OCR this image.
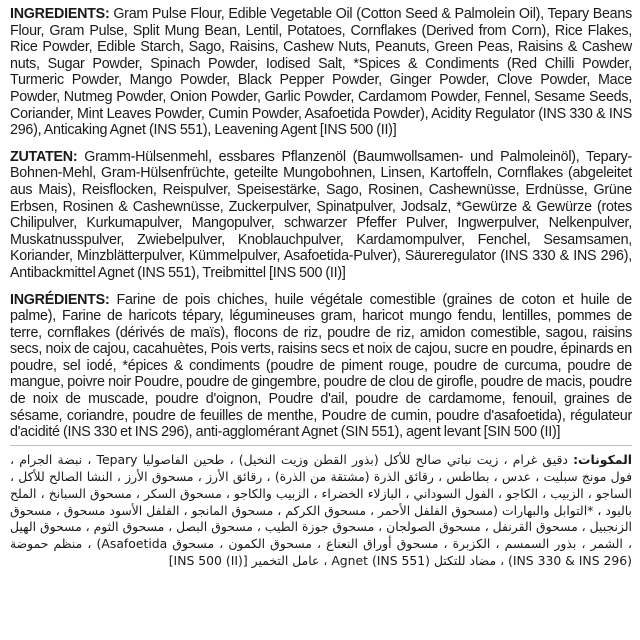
INGREDIENTS: Gram Pulse Flour, Edible Vegetable Oil (Cotton Seed & Palmolein Oil), Tepary Beans Flour, Gram Pulse, Split Mung Bean, Lentil, Potatoes, Cornflakes (Derived from Corn), Rice Flakes, Rice Powder, Edible Starch, Sago, Raisins, Cashew Nuts, Peanuts, Green Peas, Raisins & Cashew nuts, Sugar Powder, Spinach Powder, Iodised Salt, *Spices & Condiments (Red Chilli Powder, Turmeric Powder, Mango Powder, Black Pepper Powder, Ginger Powder, Clove Powder, Mace Powder, Nutmeg Powder, Onion Powder, Garlic Powder, Cardamom Powder, Fennel, Sesame Seeds, Coriander, Mint Leaves Powder, Cumin Powder, Asafoetida Powder), Acidity Regulator (INS 330 & INS 296), Anticaking Agnet (INS 551), Leavening Agent [INS 500 (II)]

ZUTATEN: Gramm-Hülsenmehl, essbares Pflanzenöl (Baumwollsamen- und Palmoleinöl), Tepary-Bohnen-Mehl, Gram-Hülsenfrüchte, geteilte Mungobohnen, Linsen, Kartoffeln, Cornflakes (abgeleitet aus Mais), Reisflocken, Reispulver, Speisestärke, Sago, Rosinen, Cashewnüsse, Erdnüsse, Grüne Erbsen, Rosinen & Cashewnüsse, Zuckerpulver, Spinatpulver, Jodsalz, *Gewürze & Gewürze (rotes Chilipulver, Kurkumapulver, Mangopulver, schwarzer Pfeffer Pulver, Ingwerpulver, Nelkenpulver, Muskatnusspulver, Zwiebelpulver, Knoblauchpulver, Kardamompulver, Fenchel, Sesamsamen, Koriander, Minzblätterpulver, Kümmelpulver, Asafoetida-Pulver), Säureregulator (INS 330 & INS 296), Antibackmittel Agnet (INS 551), Treibmittel [INS 500 (II)]

INGRÉDIENTS: Farine de pois chiches, huile végétale comestible (graines de coton et huile de palme), Farine de haricots tépary, légumineuses gram, haricot mungo fendu, lentilles, pommes de terre, cornflakes (dérivés de maïs), flocons de riz, poudre de riz, amidon comestible, sagou, raisins secs, noix de cajou, cacahuètes, Pois verts, raisins secs et noix de cajou, sucre en poudre, épinards en poudre, sel iodé, *épices & condiments (poudre de piment rouge, poudre de curcuma, poudre de mangue, poivre noir Poudre, poudre de gingembre, poudre de clou de girofle, poudre de macis, poudre de noix de muscade, poudre d'oignon, Poudre d'ail, poudre de cardamome, fenouil, graines de sésame, coriandre, poudre de feuilles de menthe, Poudre de cumin, poudre d'asafoetida), régulateur d'acidité (INS 330 et INS 296), anti-agglomérant Agnet (SIN 551), agent levant [SIN 500 (II)]

المكونات: دقيق غرام ، زيت نباتي صالح للأكل (بذور القطن وزيت النخيل) ، طحين الفاصوليا Tepary ، نبضة الجرام ، فول مونج سبليت ، عدس ، بطاطس ، رقائق الذرة (مشتقة من الذرة) ، رقائق الأرز ، مسحوق الأرز ، النشا الصالح للأكل ، الساجو ، الزبيب ، الكاجو ، الفول السوداني ، البازلاء الخضراء ، الزبيب والكاجو ، مسحوق السكر ، مسحوق السبانخ ، الملح باليود ، *التوابل والبهارات (مسحوق الفلفل الأحمر ، مسحوق الكركم ، مسحوق المانجو ، الفلفل الأسود مسحوق ، مسحوق الزنجبيل ، مسحوق القرنفل ، مسحوق الصولجان ، مسحوق جوزة الطيب ، مسحوق البصل ، مسحوق الثوم ، مسحوق الهيل ، الشمر ، بذور السمسم ، الكزبرة ، مسحوق أوراق النعناع ، مسحوق الكمون ، مسحوق Asafoetida) ، منظم حموضة (INS 330 & INS 296) ، مضاد للتكتل Agnet (INS 551) ، عامل التخمير [INS 500 (II)]
